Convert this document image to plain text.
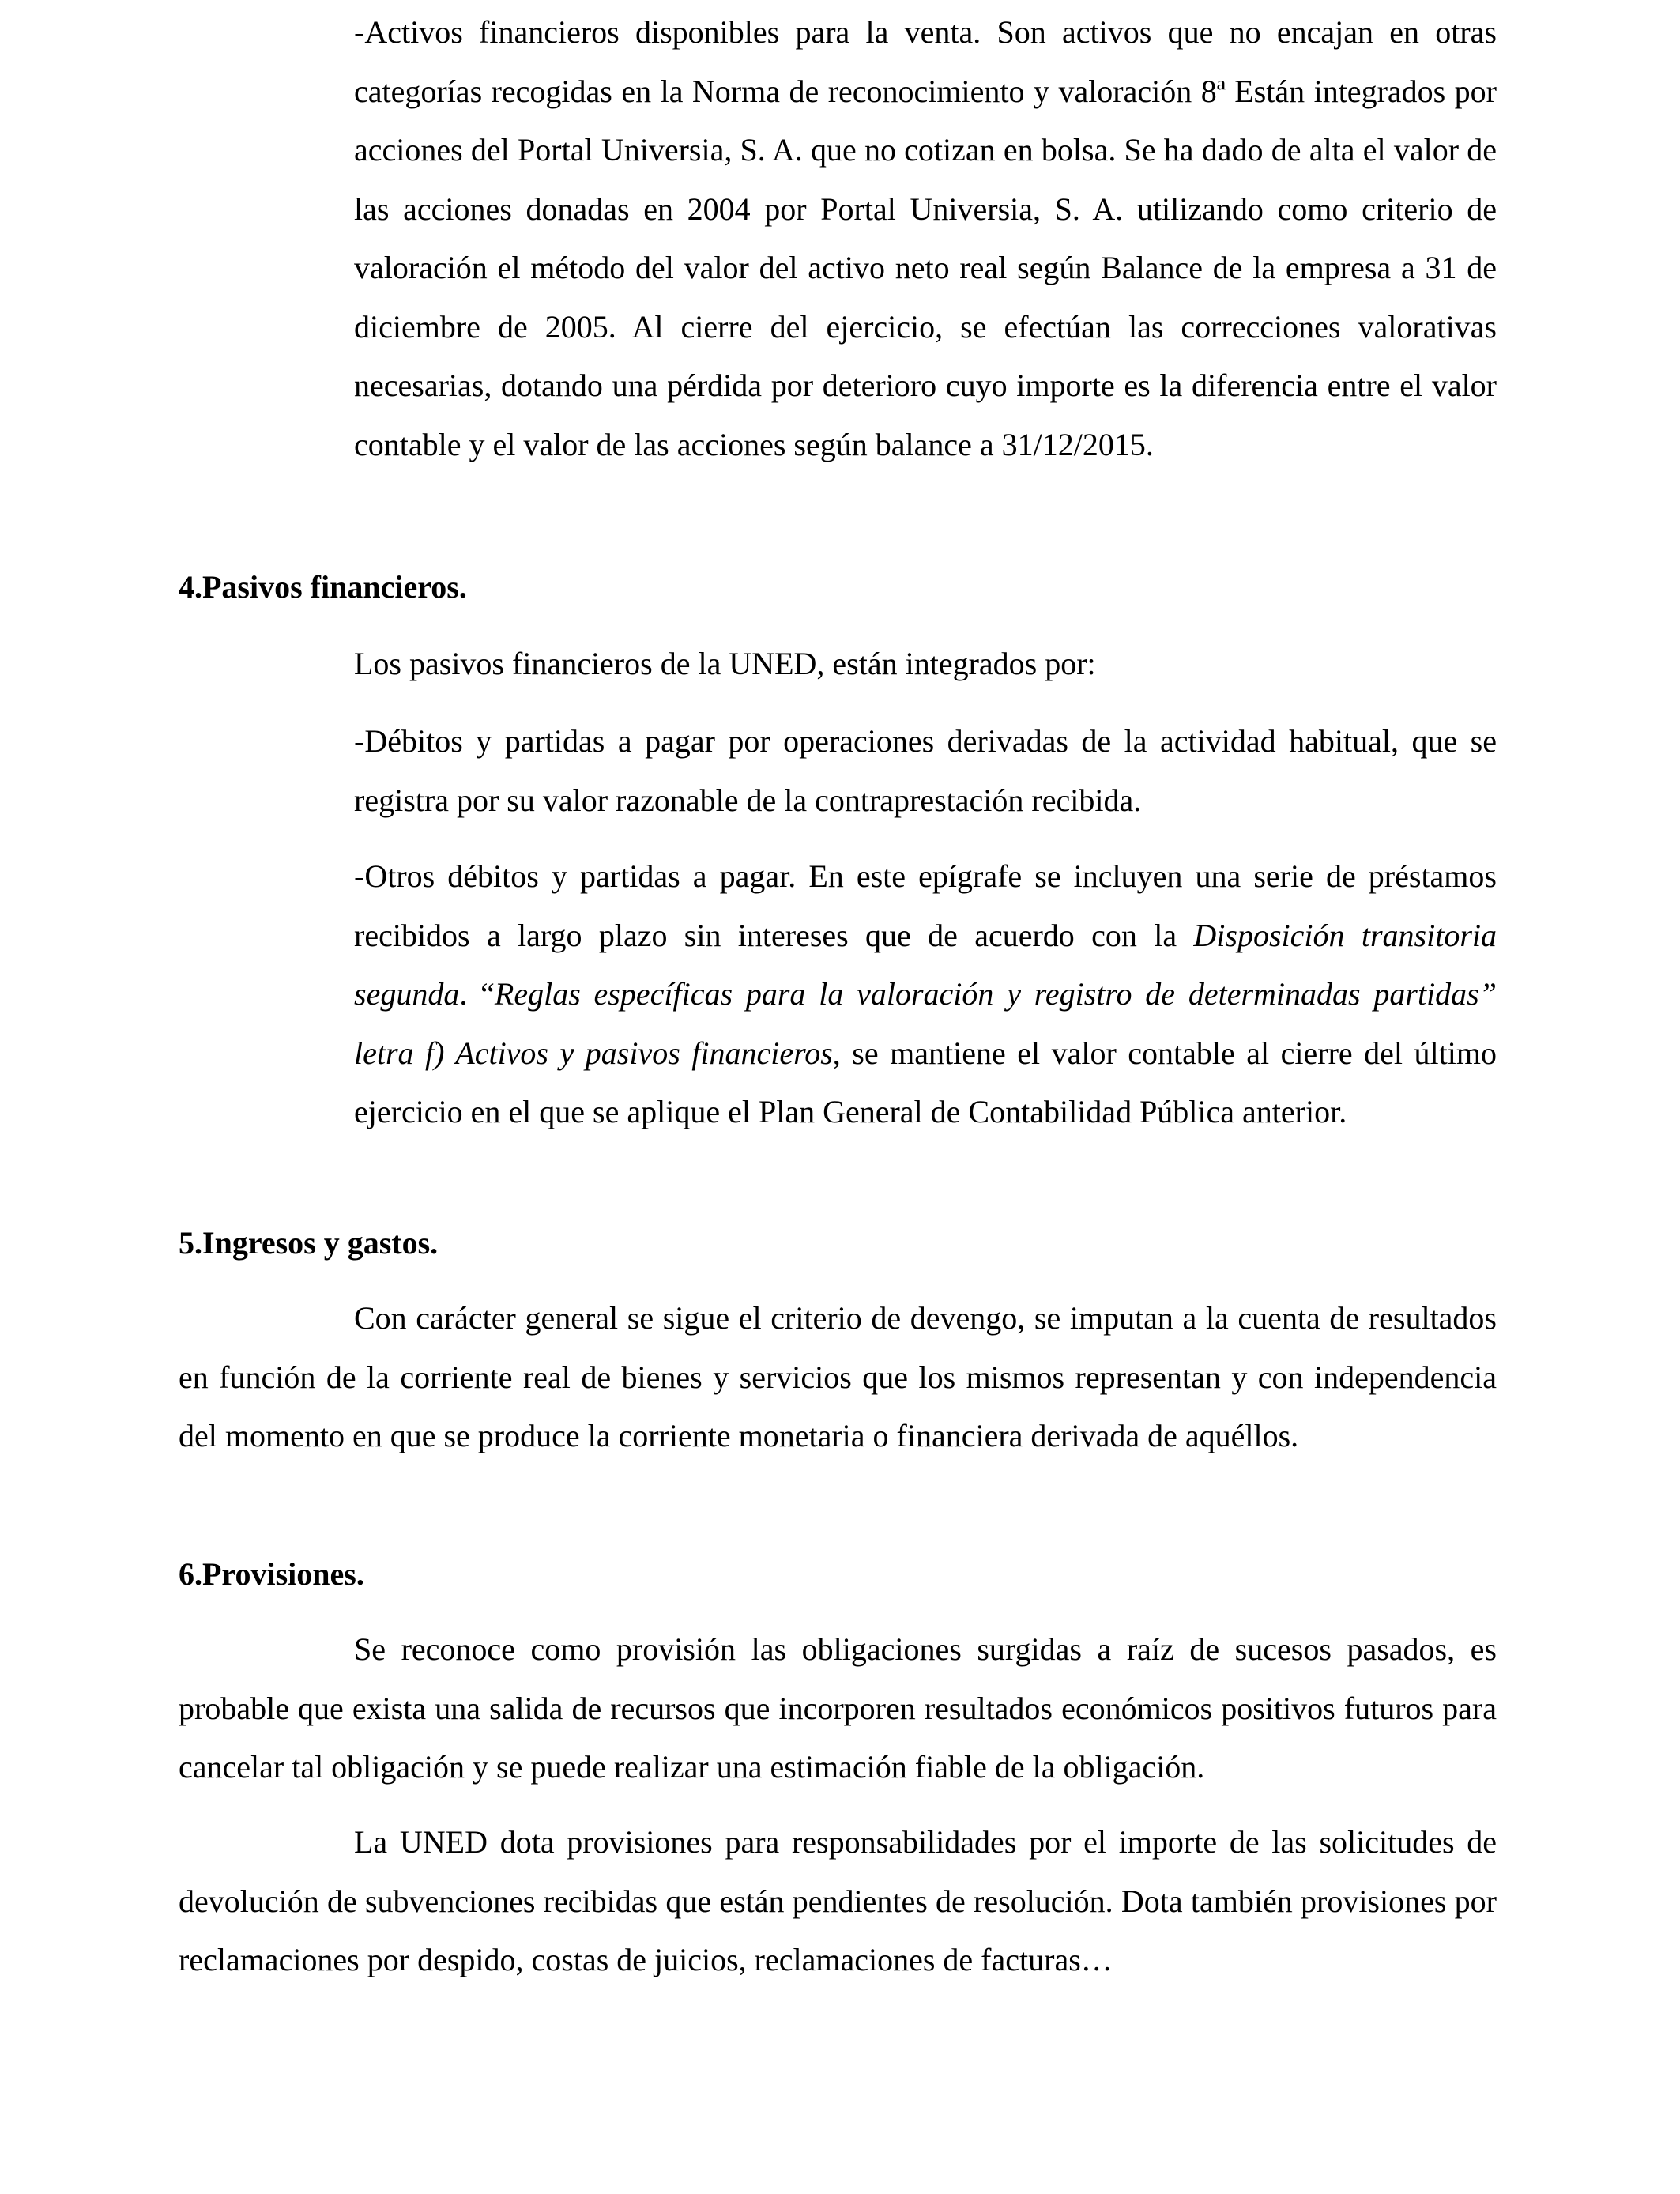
-Activos financieros disponibles para la venta. Son activos que no encajan en otras categorías recogidas en la Norma de reconocimiento y valoración 8ª Están integrados por acciones del Portal Universia, S. A. que no cotizan en bolsa. Se ha dado de alta el valor de las acciones donadas en 2004 por Portal Universia, S. A. utilizando como criterio de valoración el método del valor del activo neto real según Balance de la empresa a 31 de diciembre de 2005. Al cierre del ejercicio, se efectúan las correcciones valorativas necesarias, dotando una pérdida por deterioro cuyo importe es la diferencia entre el valor contable y el valor de las acciones según balance a 31/12/2015.

4.Pasivos financieros.

Los pasivos financieros de la UNED, están integrados por:

-Débitos y partidas a pagar por operaciones derivadas de la actividad habitual, que se registra por su valor razonable de la contraprestación recibida.

-Otros débitos y partidas a pagar. En este epígrafe se incluyen una serie de préstamos recibidos a largo plazo sin intereses que de acuerdo con la Disposición transitoria segunda. “Reglas específicas para la valoración y registro de determinadas partidas” letra f) Activos y pasivos financieros, se mantiene el valor contable al cierre del último ejercicio en el que se aplique el Plan General de Contabilidad Pública anterior.

5.Ingresos y gastos.

Con carácter general se sigue el criterio de devengo, se imputan a la cuenta de resultados en función de la corriente real de bienes y servicios que los mismos representan y con independencia del momento en que se produce la corriente monetaria o financiera derivada de aquéllos.

6.Provisiones.

Se reconoce como provisión las obligaciones surgidas a raíz de sucesos pasados, es probable que exista una salida de recursos que incorporen resultados económicos positivos futuros para cancelar tal obligación y se puede realizar una estimación fiable de la obligación.

La UNED dota provisiones para responsabilidades por el importe de las solicitudes de devolución de subvenciones recibidas que están pendientes de resolución. Dota también provisiones por reclamaciones por despido, costas de juicios, reclamaciones de facturas…
